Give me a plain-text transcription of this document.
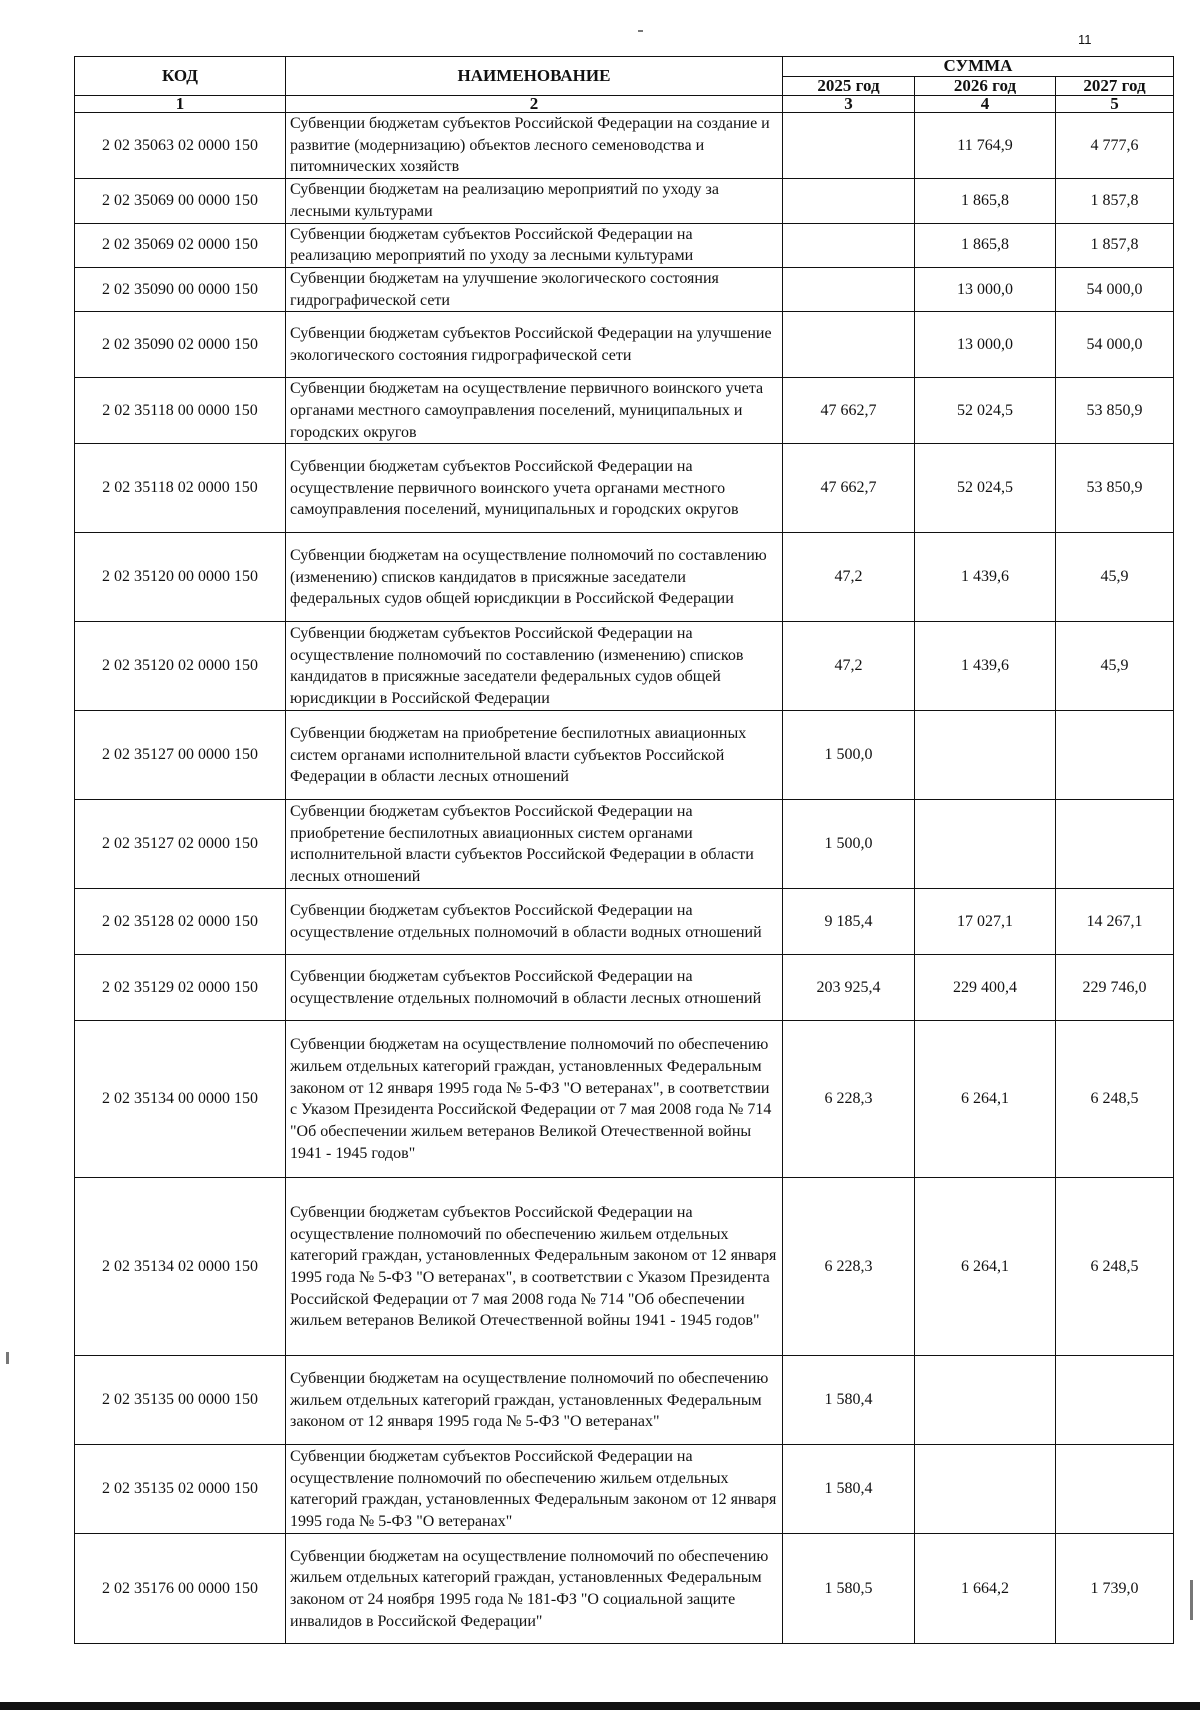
11
КОД	НАИМЕНОВАНИЕ	СУММА		
		2025 год	2026 год	2027 год
1	2	3	4	5
2 02 35063 02 0000 150	Субвенции бюджетам субъектов Российской Федерации на создание и развитие (модернизацию) объектов лесного семеноводства и питомнических хозяйств		11 764,9	4 777,6
2 02 35069 00 0000 150	Субвенции бюджетам на реализацию мероприятий по уходу за лесными культурами		1 865,8	1 857,8
2 02 35069 02 0000 150	Субвенции бюджетам субъектов Российской Федерации на реализацию мероприятий по уходу за лесными культурами		1 865,8	1 857,8
2 02 35090 00 0000 150	Субвенции бюджетам на улучшение экологического состояния гидрографической сети		13 000,0	54 000,0
2 02 35090 02 0000 150	Субвенции бюджетам субъектов Российской Федерации на улучшение экологического состояния гидрографической сети		13 000,0	54 000,0
2 02 35118 00 0000 150	Субвенции бюджетам на осуществление первичного воинского учета органами местного самоуправления поселений, муниципальных и городских округов	47 662,7	52 024,5	53 850,9
2 02 35118 02 0000 150	Субвенции бюджетам субъектов Российской Федерации на осуществление первичного воинского учета органами местного самоуправления поселений, муниципальных и городских округов	47 662,7	52 024,5	53 850,9
2 02 35120 00 0000 150	Субвенции бюджетам на осуществление полномочий по составлению (изменению) списков кандидатов в присяжные заседатели федеральных судов общей юрисдикции в Российской Федерации	47,2	1 439,6	45,9
2 02 35120 02 0000 150	Субвенции бюджетам субъектов Российской Федерации на осуществление полномочий по составлению (изменению) списков кандидатов в присяжные заседатели федеральных судов общей юрисдикции в Российской Федерации	47,2	1 439,6	45,9
2 02 35127 00 0000 150	Субвенции бюджетам на приобретение беспилотных авиационных систем органами исполнительной власти субъектов Российской Федерации в области лесных отношений	1 500,0		
2 02 35127 02 0000 150	Субвенции бюджетам субъектов Российской Федерации на приобретение беспилотных авиационных систем органами исполнительной власти субъектов Российской Федерации в области лесных отношений	1 500,0		
2 02 35128 02 0000 150	Субвенции бюджетам субъектов Российской Федерации на осуществление отдельных полномочий в области водных отношений	9 185,4	17 027,1	14 267,1
2 02 35129 02 0000 150	Субвенции бюджетам субъектов Российской Федерации на осуществление отдельных полномочий в области лесных отношений	203 925,4	229 400,4	229 746,0
2 02 35134 00 0000 150	Субвенции бюджетам на осуществление полномочий по обеспечению жильем отдельных категорий граждан, установленных Федеральным законом от 12 января 1995 года № 5-ФЗ "О ветеранах", в соответствии с Указом Президента Российской Федерации от 7 мая 2008 года № 714 "Об обеспечении жильем ветеранов Великой Отечественной войны 1941 - 1945 годов"	6 228,3	6 264,1	6 248,5
2 02 35134 02 0000 150	Субвенции бюджетам субъектов Российской Федерации на осуществление полномочий по обеспечению жильем отдельных категорий граждан, установленных Федеральным законом от 12 января 1995 года № 5-ФЗ "О ветеранах", в соответствии с Указом Президента Российской Федерации от 7 мая 2008 года № 714 "Об обеспечении жильем ветеранов Великой Отечественной войны 1941 - 1945 годов"	6 228,3	6 264,1	6 248,5
2 02 35135 00 0000 150	Субвенции бюджетам на осуществление полномочий по обеспечению жильем отдельных категорий граждан, установленных Федеральным законом от 12 января 1995 года № 5-ФЗ "О ветеранах"	1 580,4		
2 02 35135 02 0000 150	Субвенции бюджетам субъектов Российской Федерации на осуществление полномочий по обеспечению жильем отдельных категорий граждан, установленных Федеральным законом от 12 января 1995 года № 5-ФЗ "О ветеранах"	1 580,4		
2 02 35176 00 0000 150	Субвенции бюджетам на осуществление полномочий по обеспечению жильем отдельных категорий граждан, установленных Федеральным законом от 24 ноября 1995 года № 181-ФЗ "О социальной защите инвалидов в Российской Федерации"	1 580,5	1 664,2	1 739,0
